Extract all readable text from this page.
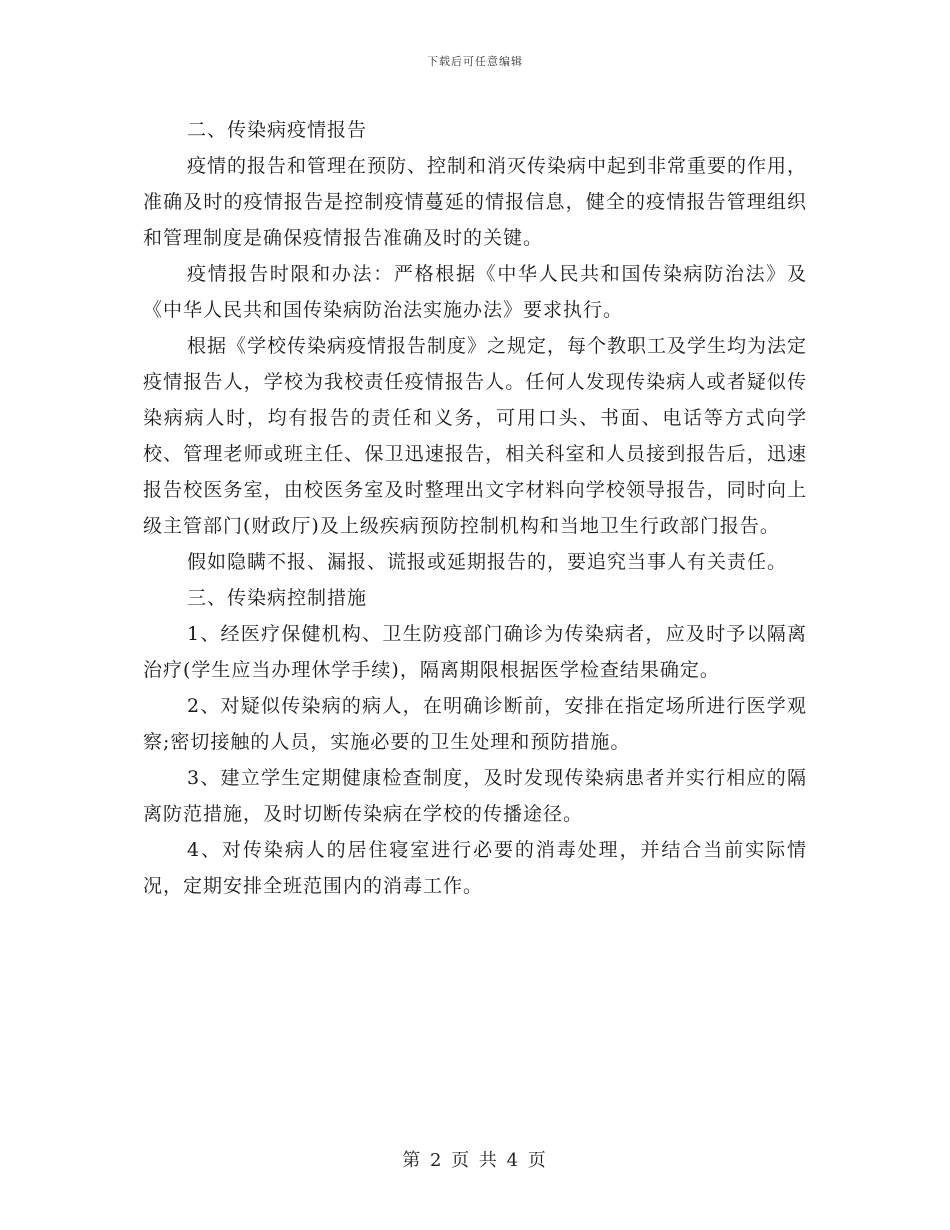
下载后可任意编辑

二、传染病疫情报告

疫情的报告和管理在预防、控制和消灭传染病中起到非常重要的作用，准确及时的疫情报告是控制疫情蔓延的情报信息，健全的疫情报告管理组织和管理制度是确保疫情报告准确及时的关键。

疫情报告时限和办法：严格根据《中华人民共和国传染病防治法》及《中华人民共和国传染病防治法实施办法》要求执行。

根据《学校传染病疫情报告制度》之规定，每个教职工及学生均为法定疫情报告人，学校为我校责任疫情报告人。任何人发现传染病人或者疑似传染病病人时，均有报告的责任和义务，可用口头、书面、电话等方式向学校、管理老师或班主任、保卫迅速报告，相关科室和人员接到报告后，迅速报告校医务室，由校医务室及时整理出文字材料向学校领导报告，同时向上级主管部门(财政厅)及上级疾病预防控制机构和当地卫生行政部门报告。

假如隐瞒不报、漏报、谎报或延期报告的，要追究当事人有关责任。

三、传染病控制措施

1、经医疗保健机构、卫生防疫部门确诊为传染病者，应及时予以隔离治疗(学生应当办理休学手续)，隔离期限根据医学检查结果确定。

2、对疑似传染病的病人，在明确诊断前，安排在指定场所进行医学观察;密切接触的人员，实施必要的卫生处理和预防措施。

3、建立学生定期健康检查制度，及时发现传染病患者并实行相应的隔离防范措施，及时切断传染病在学校的传播途径。

4、对传染病人的居住寝室进行必要的消毒处理，并结合当前实际情况，定期安排全班范围内的消毒工作。

第 2 页 共 4 页
